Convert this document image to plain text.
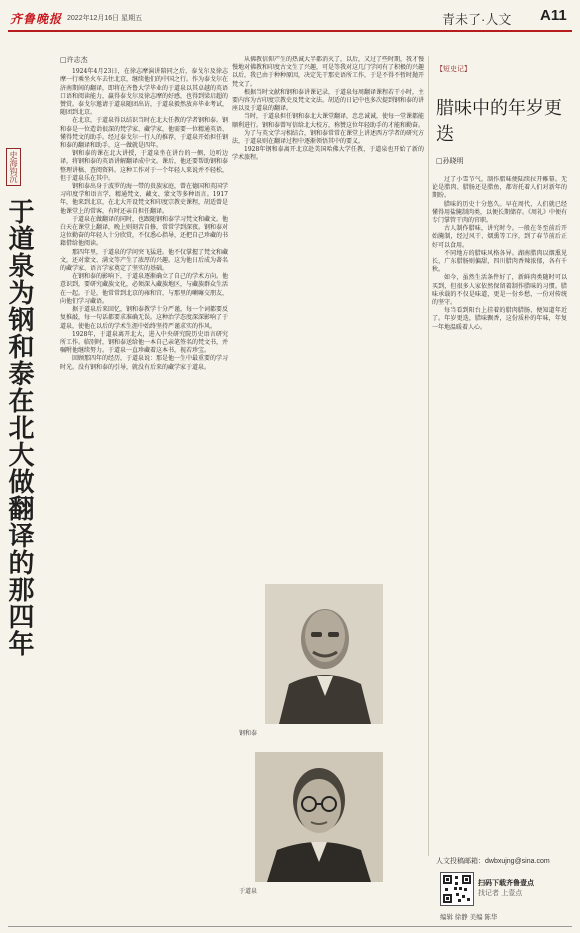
齐鲁晚报 2022年12月16日 星期五	青未了·人文 A11
史海钩沉
于道泉为钢和泰在北大做翻译的那四年
□许志杰

1924年4月23日，在徐志摩演讲陪同之后，泰戈尔及徐志摩一行乘坐火车去往北京，继续他们的中国之行。作为泰戈尔在济南期间的翻译，即将在齐鲁大学毕业的于道泉以其卓越的英语口语和阅读能力，赢得泰戈尔及徐志摩的好感，也得到梁启超的赞赏。泰戈尔邀请于道泉随团出访，于道泉毅然放弃毕业考试，随团到北京。

在北京，于道泉得以结识当时在北大任教的学者钢和泰。钢和泰是一位造诣很深的梵学家、藏学家，他需要一位精通英语、懂得梵文的助手。经过泰戈尔一行人的推荐，于道泉开始担任钢和泰的翻译和助手，这一做就是四年。

钢和泰的课在北大讲授，于道泉坐在讲台的一侧，边听边译，将钢和泰的英语讲解翻译成中文。课后，他还要帮助钢和泰整理讲稿、查阅资料。这种工作对于一个年轻人来说并不轻松，但于道泉乐在其中。

钢和泰出身于波罗的海一带的贵族家庭，曾在德国和英国学习印度学和语言学，精通梵文、藏文、蒙文等多种语言。1917年，他来到北京，在北大开设梵文和印度宗教史课程，胡适曾是他课堂上的常客，有时还亲自担任翻译。

于道泉在做翻译的同时，也跟随钢和泰学习梵文和藏文。他白天在课堂上翻译，晚上则刻苦自修，常常学到深夜。钢和泰对这位勤奋的年轻人十分欣赏，不仅悉心指导，还把自己珍藏的书籍借给他阅读。

那四年里，于道泉的学问突飞猛进。他不仅掌握了梵文和藏文，还对蒙文、满文等产生了浓厚的兴趣。这为他日后成为著名的藏学家、语言学家奠定了坚实的基础。

在钢和泰的影响下，于道泉逐渐确立了自己的学术方向。他意识到，要研究藏族文化，必须深入藏族地区，与藏族群众生活在一起。于是，他常常到北京的雍和宫，与那里的喇嘛交朋友，向他们学习藏语。

据于道泉后来回忆，钢和泰教学十分严谨，每一个词都要反复推敲，每一句话都要求准确无误。这种治学态度深深影响了于道泉，使他在以后的学术生涯中始终坚持严谨求实的作风。

1928年，于道泉离开北大，进入中央研究院历史语言研究所工作。临别时，钢和泰送给他一本自己亲笔签名的梵文书，并嘱咐他继续努力。于道泉一直珍藏着这本书，视若珍宝。

回顾那四年的经历，于道泉说：那是他一生中最重要的学习时光。没有钢和泰的引导，就没有后来的藏学家于道泉。

从佛教信仰产生的热诚大半都消灭了，以后，又过了些时期，我才慢慢地对佛教和印度古文生了兴趣，可是等我对这几门学问有了积极的兴趣以后，我已由于种种原因，决定先干那史语所工作，于是不得不暂时抛开梵文了。

根据当时文献和钢和泰讲课记录，于道泉每周翻译课程若干小时，主要内容为古印度宗教史及梵文文法。胡适的日记中也多次提到钢和泰的讲座以及于道泉的翻译。

当时，于道泉担任钢和泰北大课堂翻译，忠忠诚诚，使每一堂课都能顺利进行。钢和泰曾写信给北大校方，称赞这位年轻助手的才能和勤奋。

为了与英文学习相结合，钢和泰常常在课堂上讲述西方学者的研究方法，于道泉则在翻译过程中逐渐领悟其中的要义。

1928年钢和泰离开北京赴美国哈佛大学任教，于道泉也开始了新的学术旅程。

钢和泰
于道泉
【短史记】
腊味中的年岁更迭
□孙晓明

过了小雪节气，制作腊味便陆续拉开帷幕。无论是腊肉、腊肠还是腊鱼，都寄托着人们对新年的期盼。

腊味的历史十分悠久。早在周代，人们就已经懂得用盐腌制肉类，以便长期储存。《周礼》中便有专门掌管干肉的官职。

古人制作腊味，讲究时令。一般在冬至前后开始腌制，经过风干、烟熏等工序，到了春节前后正好可以食用。

不同地方的腊味风格各异。湖南腊肉以烟熏见长，广东腊肠则偏甜，四川腊肉香辣浓郁，各有千秋。

如今，虽然生活条件好了，新鲜肉类随时可以买到，但很多人家依然保留着制作腊味的习惯。腊味承载的不仅是味道，更是一份乡愁，一份对传统的坚守。

每当看到阳台上挂着的腊肉腊肠，便知道年近了。年岁更迭，腊味飘香，这份质朴的年味，年复一年地温暖着人心。

人文投稿邮箱：dwbxujng@sina.com
扫码下载齐鲁壹点
找记者 上壹点
编辑 徐静 美编 陈华
